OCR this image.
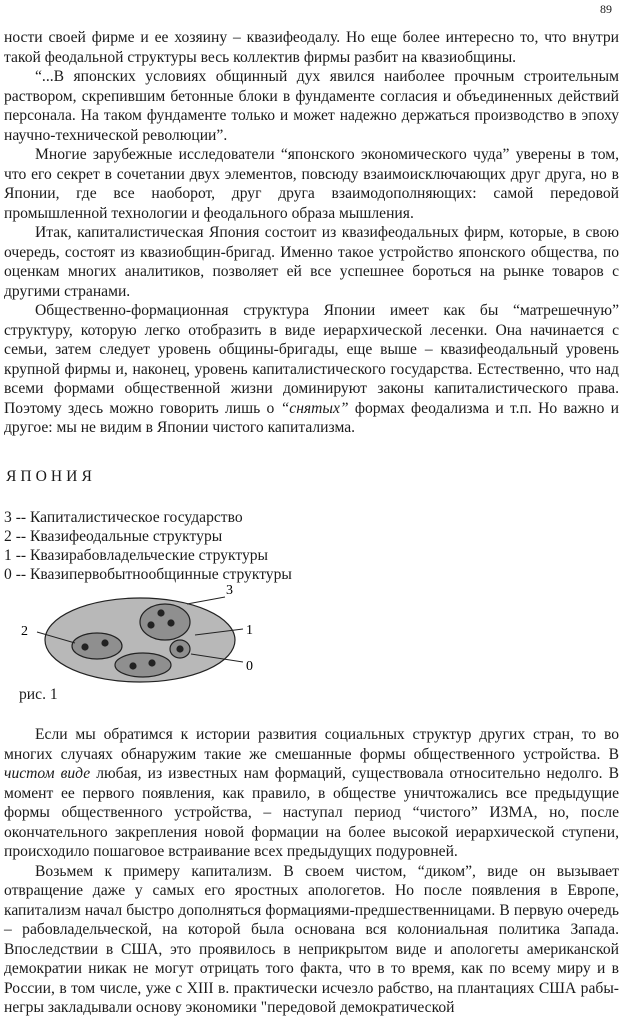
89

ности своей фирме и ее хозяину – квазифеодалу. Но еще более интересно то, что внутри такой феодальной структуры весь коллектив фирмы разбит на квазиобщины.

“...В японских условиях общинный дух явился наиболее прочным строительным раствором, скрепившим бетонные блоки в фундаменте согласия и объединенных действий персонала. На таком фундаменте только и может надежно держаться производство в эпоху научно-технической революции”.

Многие зарубежные исследователи “японского экономического чуда” уверены в том, что его секрет в сочетании двух элементов, повсюду взаимоисключающих друг друга, но в Японии, где все наоборот, друг друга взаимодополняющих: самой передовой промышленной технологии и феодального образа мышления.

Итак, капиталистическая Япония состоит из квазифеодальных фирм, которые, в свою очередь, состоят из квазиобщин-бригад. Именно такое устройство японского общества, по оценкам многих аналитиков, позволяет ей все успешнее бороться на рынке товаров с другими странами.

Общественно-формационная структура Японии имеет как бы “матрешечную” структуру, которую легко отобразить в виде иерархической лесенки. Она начинается с семьи, затем следует уровень общины-бригады, еще выше – квазифеодальный уровень крупной фирмы и, наконец, уровень капиталистического государства. Естественно, что над всеми формами общественной жизни доминируют законы капиталистического права. Поэтому здесь можно говорить лишь о “снятых” формах феодализма и т.п. Но важно и другое: мы не видим в Японии чистого капитализма.

ЯПОНИЯ
3 -- Капиталистическое государство
2 -- Квазифеодальные структуры
1 -- Квазирабовладельческие структуры
0 -- Квазипервобытнообщинные структуры
3
2	1
0
рис. 1

Если мы обратимся к истории развития социальных структур других стран, то во многих случаях обнаружим такие же смешанные формы общественного устройства. В чистом виде любая, из известных нам формаций, существовала относительно недолго. В момент ее первого появления, как правило, в обществе уничтожались все предыдущие формы общественного устройства, – наступал период “чистого” ИЗМА, но, после окончательного закрепления новой формации на более высокой иерархической ступени, происходило пошаговое встраивание всех предыдущих подуровней.

Возьмем к примеру капитализм. В своем чистом, “диком”, виде он вызывает отвращение даже у самых его яростных апологетов. Но после появления в Европе, капитализм начал быстро дополняться формациями-предшественницами. В первую очередь – рабовладельческой, на которой была основана вся колониальная политика Запада. Впоследствии в США, это проявилось в неприкрытом виде и апологеты американской демократии никак не могут отрицать того факта, что в то время, как по всему миру и в России, в том числе, уже с XIII в. практически исчезло рабство, на плантациях США рабы-негры закладывали основу экономики "передовой демократической
